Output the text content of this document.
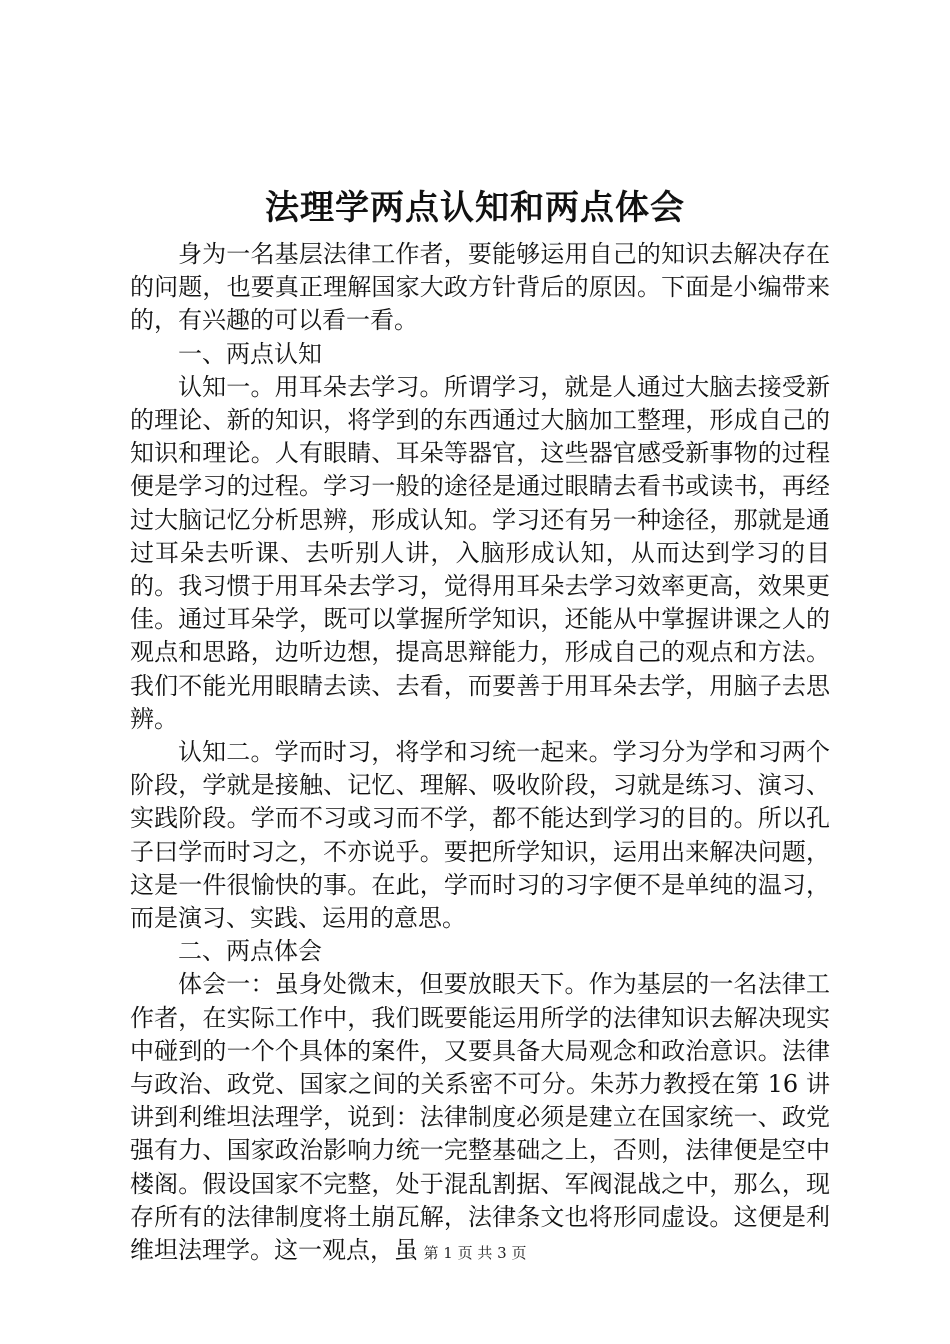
法理学两点认知和两点体会

身为一名基层法律工作者，要能够运用自己的知识去解决存在的问题，也要真正理解国家大政方针背后的原因。下面是小编带来的，有兴趣的可以看一看。

一、两点认知

认知一。用耳朵去学习。所谓学习，就是人通过大脑去接受新的理论、新的知识，将学到的东西通过大脑加工整理，形成自己的知识和理论。人有眼睛、耳朵等器官，这些器官感受新事物的过程便是学习的过程。学习一般的途径是通过眼睛去看书或读书，再经过大脑记忆分析思辨，形成认知。学习还有另一种途径，那就是通过耳朵去听课、去听别人讲，入脑形成认知，从而达到学习的目的。我习惯于用耳朵去学习，觉得用耳朵去学习效率更高，效果更佳。通过耳朵学，既可以掌握所学知识，还能从中掌握讲课之人的观点和思路，边听边想，提高思辩能力，形成自己的观点和方法。我们不能光用眼睛去读、去看，而要善于用耳朵去学，用脑子去思辨。

认知二。学而时习，将学和习统一起来。学习分为学和习两个阶段，学就是接触、记忆、理解、吸收阶段，习就是练习、演习、实践阶段。学而不习或习而不学，都不能达到学习的目的。所以孔子曰学而时习之，不亦说乎。要把所学知识，运用出来解决问题，这是一件很愉快的事。在此，学而时习的习字便不是单纯的温习，而是演习、实践、运用的意思。

二、两点体会

体会一：虽身处微末，但要放眼天下。作为基层的一名法律工作者，在实际工作中，我们既要能运用所学的法律知识去解决现实中碰到的一个个具体的案件，又要具备大局观念和政治意识。法律与政治、政党、国家之间的关系密不可分。朱苏力教授在第 16 讲讲到利维坦法理学，说到：法律制度必须是建立在国家统一、政党强有力、国家政治影响力统一完整基础之上，否则，法律便是空中楼阁。假设国家不完整，处于混乱割据、军阀混战之中，那么，现存所有的法律制度将土崩瓦解，法律条文也将形同虚设。这便是利维坦法理学。这一观点，虽 第 1 页 共 3 页
